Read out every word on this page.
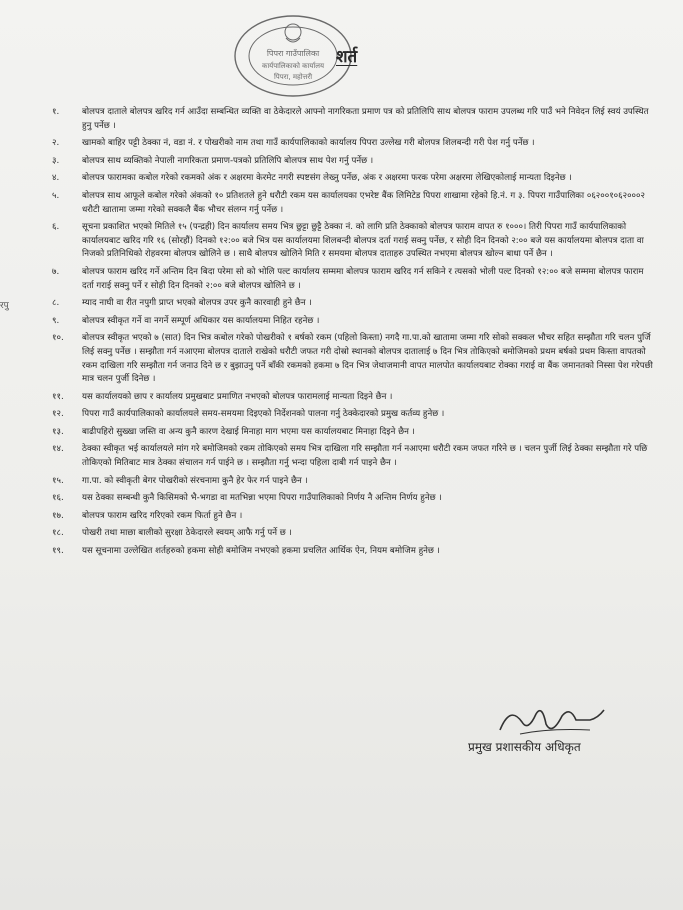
पिपरा गाउँपालिका
कार्यपालिकाको कार्यालय
पिपरा, महोत्तरी
शर्त
रपु
१.	बोलपत्र दाताले बोलपत्र खरिद गर्न आउँदा सम्बन्धित व्यक्ति वा ठेकेदारले आफ्नो नागरिकता प्रमाण पत्र को प्रतिलिपि साथ बोलपत्र फाराम उपलब्ध गरि पाउँ भने निवेदन लिई स्वयं उपस्थित हुनु पर्नेछ ।
२.	खामको बाहिर पट्टी ठेक्का नं, वडा नं. र पोखरीको नाम तथा गाउँ कार्यपालिकाको कार्यालय पिपरा उल्लेख गरी बोलपत्र शिलबन्दी गरी पेश गर्नु पर्नेछ ।
३.	बोलपत्र साथ व्यक्तिको नेपाली नागरिकता प्रमाण-पत्रको प्रतिलिपि बोलपत्र साथ पेश गर्नु पर्नेछ ।
४.	बोलपत्र फारामका कबोल गरेको रकमको अंक र अक्षरमा केरमेट नगरी स्पष्टसंग लेख्नु पर्नेछ, अंक र अक्षरमा फरक परेमा अक्षरमा लेखिएकोलाई मान्यता दिइनेछ ।
५.	बोलपत्र साथ आफूले कबोल गरेको अंकको १० प्रतिशतले हुने धरौटी रकम यस कार्यालयका एभरेष्ट बैंक लिमिटेड पिपरा शाखामा रहेको हि.नं. ग ३. पिपरा गाउँपालिका ०६२००१०६२०००२ धरौटी खातामा जम्मा गरेको सक्कलै बैंक भौचर संलग्न गर्नु पर्नेछ ।
६.	सूचना प्रकाशित भएको मितिले १५ (पन्द्रही) दिन कार्यालय समय भित्र छुट्टा छुट्टै ठेक्का नं. को लागि प्रति ठेक्काको बोलपत्र फाराम वापत रु १०००। तिरी पिपरा गाउँ कार्यपालिकाको कार्यालयबाट खरिद गरि १६ (सोरहौं) दिनको १२:०० बजे भित्र यस कार्यालयमा शिलबन्दी बोलपत्र दर्ता गराई सक्नु पर्नेछ, र सोही दिन दिनको २:०० बजे यस कार्यालयमा बोलपत्र दाता वा निजको प्रतिनिधिको रोहवरमा बोलपत्र खोलिने छ । साथै बोलपत्र खोलिने मिति र समयमा बोलपत्र दाताहरु उपस्थित नभएमा बोलपत्र खोल्न बाधा पर्ने छैन ।
७.	बोलपत्र फाराम खरिद गर्ने अन्तिम दिन बिदा परेमा सो को भोलि पल्ट कार्यालय सम्ममा बोलपत्र फाराम खरिद गर्न सकिने र त्यसको भोली पल्ट दिनको १२:०० बजे सम्ममा बोलपत्र फाराम दर्ता गराई सक्नु पर्ने र सोही दिन दिनको २:०० बजे बोलपत्र खोलिने छ ।
८.	म्याद नाघी वा रीत नपुगी प्राप्त भएको बोलपत्र उपर कुनै कारवाही हुने छैन ।
९.	बोलपत्र स्वीकृत गर्ने वा नगर्ने सम्पूर्ण अधिकार यस कार्यालयमा निहित रहनेछ ।
१०.	बोलपत्र स्वीकृत भएको ७ (सात) दिन भित्र कबोल गरेको पोखरीको १ बर्षको रकम (पहिलो किस्ता) नगदै गा.पा.को खातामा जम्मा गरि सोको सक्कल भौचर सहित सम्झौता गरि चलन पुर्जि लिई सक्नु पर्नेछ । सम्झौता गर्न नआएमा बोलपत्र दाताले राखेको धरौटी जफत गरी दोस्रो स्थानको बोलपत्र दातालाई ७ दिन भित्र तोकिएको बमोजिमको प्रथम बर्षको प्रथम किस्ता वापतको रकम दाखिला गरि सम्झौता गर्न जनाउ दिने छ र बुझाउनु पर्ने बाँकी रकमको हकमा ७ दिन भित्र जेथाजमानी वापत मालपोत कार्यालयबाट रोक्का गराई वा बैंक जमानतको निस्सा पेश गरेपछी मात्र चलन पुर्जी दिनेछ ।
११.	यस कार्यालयको छाप र कार्यालय प्रमुखबाट प्रमाणित नभएको बोलपत्र फारामलाई मान्यता दिइने छैन ।
१२.	पिपरा गाउँ कार्यपालिकाको कार्यालयले समय-समयमा दिइएको निर्देशनको पालना गर्नु ठेक्केदारको प्रमुख कर्तव्य हुनेछ ।
१३.	बाढीपहिरो सुख्खा जस्ति वा अन्य कुनै कारण देखाई मिनाहा माग भएमा यस कार्यालयबाट मिनाहा दिइने छैन ।
१४.	ठेक्का स्वीकृत भई कार्यालयले मांग गरे बमोजिमको रकम तोकिएको समय भित्र दाखिला गरि सम्झौता गर्न नआएमा धरौटी रकम जफत गरिने छ । चलन पुर्जी लिई ठेक्का सम्झौता गरे पछि तोकिएको मितिबाट मात्र ठेक्का संचालन गर्न पाईने छ । सम्झौता गर्नु भन्दा पहिला दाबी गर्न पाइने छैन ।
१५.	गा.पा. को स्वीकृती बेगर पोखरीको संरचनामा कुनै हेर फेर गर्न पाइने छैन ।
१६.	यस ठेक्का सम्बन्धी कुनै किसिमको भै-भगडा वा मतभिन्ना भएमा पिपरा गाउँपालिकाको निर्णय नै अन्तिम निर्णय हुनेछ ।
१७.	बोलपत्र फाराम खरिद गरिएको रकम फिर्ता हुने छैन ।
१८.	पोखरी तथा माछा बालीको सुरक्षा ठेकेदारले स्वयम् आफै गर्नु पर्ने छ ।
१९.	यस सूचनामा उल्लेखित शर्तहरुको हकमा सोही बमोजिम नभएको हकमा प्रचलित आर्थिक ऐन, नियम बमोजिम हुनेछ ।
प्रमुख प्रशासकीय अधिकृत
